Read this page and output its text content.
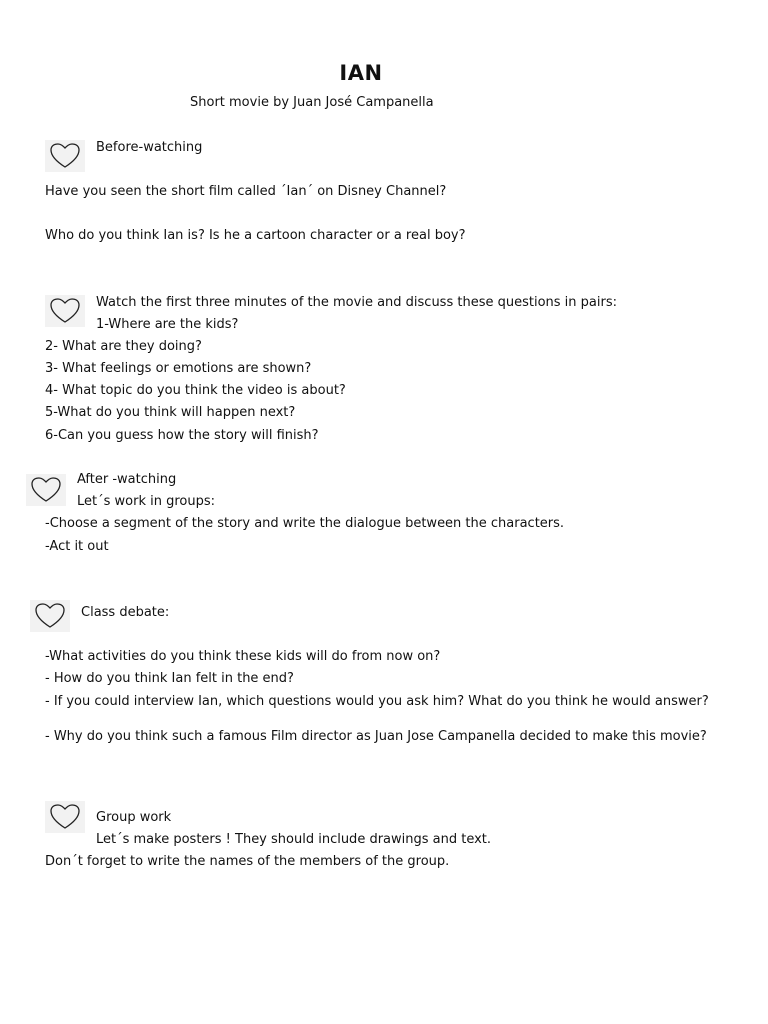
IAN
Short movie by Juan José Campanella
Before-watching
Have you seen the short film called ´Ian´ on Disney Channel?
Who do you think Ian is? Is he a cartoon character or a real boy?
Watch the first three minutes of the movie and discuss these questions in pairs:
1-Where are the kids?
2- What are they doing?
3- What feelings or emotions are shown?
4- What topic do you think the video is about?
5-What do you think will happen next?
6-Can you guess how the story will finish?
After -watching
Let´s work in groups:
-Choose a segment of the story and write the dialogue between the characters.
-Act it out
Class debate:
-What activities do you think these kids will do from now on?
- How do you think Ian felt in the end?
- If you could interview Ian, which questions would you ask him? What do you think he would answer?
- Why do you think such a famous Film director as Juan Jose Campanella decided to make this movie?
Group work
Let´s make posters ! They should include drawings and text.
Don´t forget to write the names of the members of the group.
